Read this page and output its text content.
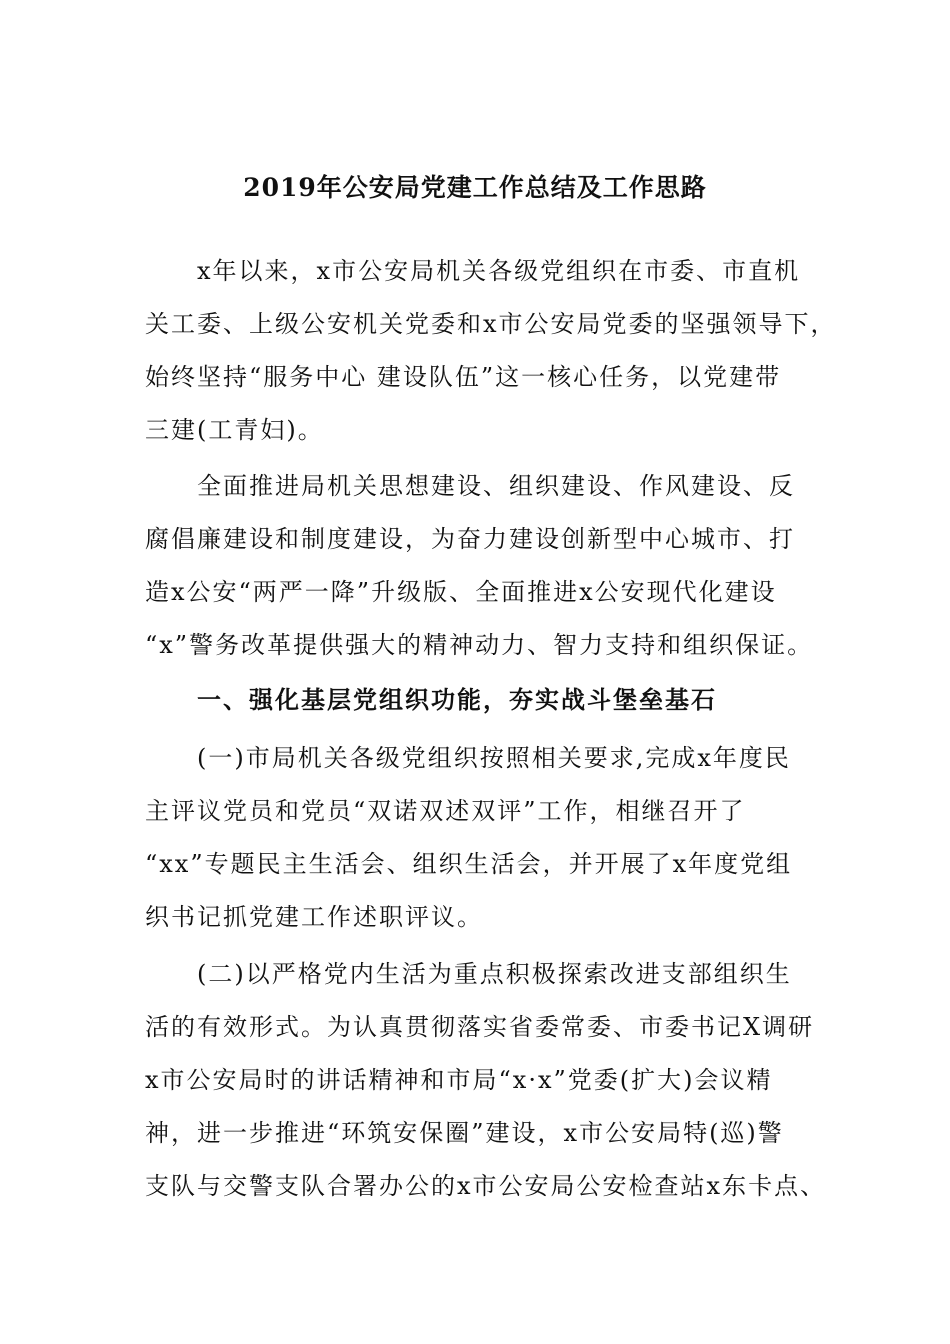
2019年公安局党建工作总结及工作思路
x年以来，x市公安局机关各级党组织在市委、市直机
关工委、上级公安机关党委和x市公安局党委的坚强领导下，
始终坚持“服务中心 建设队伍”这一核心任务，以党建带
三建(工青妇)。
全面推进局机关思想建设、组织建设、作风建设、反
腐倡廉建设和制度建设，为奋力建设创新型中心城市、打
造x公安“两严一降”升级版、全面推进x公安现代化建设
“x”警务改革提供强大的精神动力、智力支持和组织保证。
一、强化基层党组织功能，夯实战斗堡垒基石
(一)市局机关各级党组织按照相关要求,完成x年度民
主评议党员和党员“双诺双述双评”工作，相继召开了
“xx”专题民主生活会、组织生活会，并开展了x年度党组
织书记抓党建工作述职评议。
(二)以严格党内生活为重点积极探索改进支部组织生
活的有效形式。为认真贯彻落实省委常委、市委书记X调研
x市公安局时的讲话精神和市局“x·x”党委(扩大)会议精
神，进一步推进“环筑安保圈”建设，x市公安局特(巡)警
支队与交警支队合署办公的x市公安局公安检查站x东卡点、
